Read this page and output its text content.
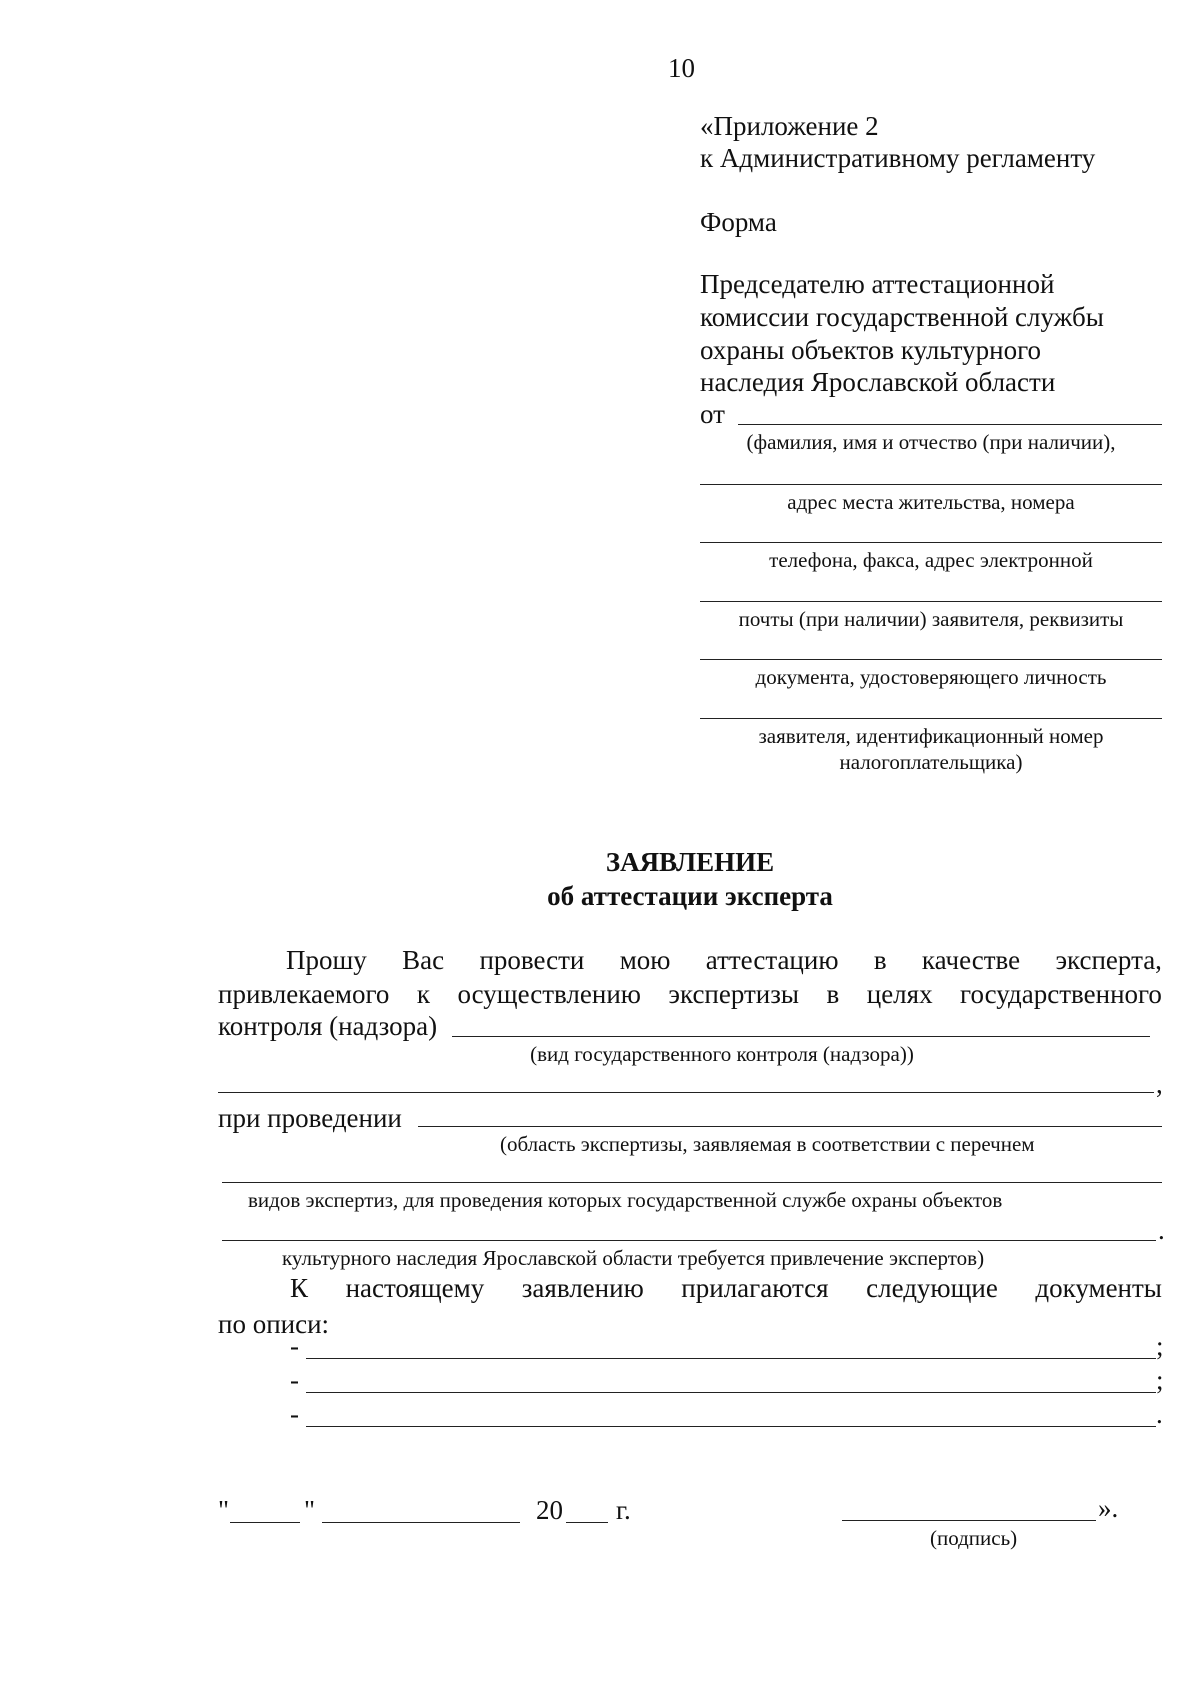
10
«Приложение 2
к Административному регламенту
Форма
Председателю аттестационной
комиссии государственной службы
охраны объектов культурного
наследия Ярославской области
от
(фамилия, имя и отчество (при наличии),
адрес места жительства, номера
телефона, факса, адрес электронной
почты (при наличии) заявителя, реквизиты
документа, удостоверяющего личность
заявителя, идентификационный номер
налогоплательщика)
ЗАЯВЛЕНИЕ
об аттестации эксперта
Прошу Вас провести мою аттестацию в качестве эксперта,
привлекаемого к осуществлению экспертизы в целях государственного
контроля (надзора)
(вид государственного контроля (надзора))
,
при проведении
(область экспертизы, заявляемая в соответствии с перечнем
видов экспертиз, для проведения которых государственной службе охраны объектов
.
культурного наследия Ярославской области требуется привлечение экспертов)
К настоящему заявлению прилагаются следующие документы
по описи:
-	;
-	;
-	.
"	"	20 г.	».
(подпись)
